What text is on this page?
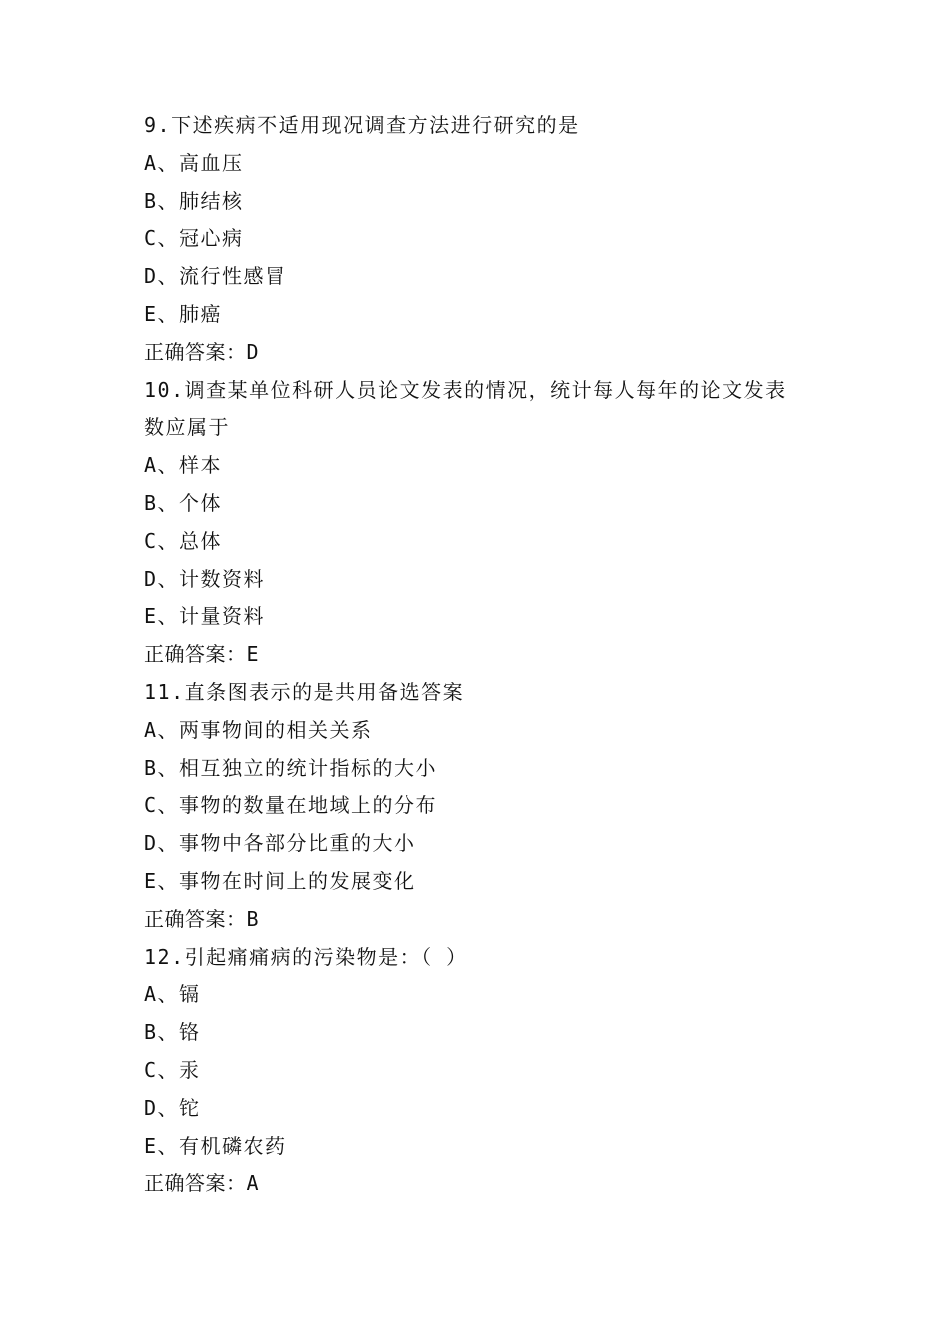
9.下述疾病不适用现况调查方法进行研究的是
A、高血压
B、肺结核
C、冠心病
D、流行性感冒
E、肺癌
正确答案：D
10.调查某单位科研人员论文发表的情况，统计每人每年的论文发表
数应属于
A、样本
B、个体
C、总体
D、计数资料
E、计量资料
正确答案：E
11.直条图表示的是共用备选答案
A、两事物间的相关关系
B、相互独立的统计指标的大小
C、事物的数量在地域上的分布
D、事物中各部分比重的大小
E、事物在时间上的发展变化
正确答案：B
12.引起痛痛病的污染物是：（ ）
A、镉
B、铬
C、汞
D、铊
E、有机磷农药
正确答案：A
